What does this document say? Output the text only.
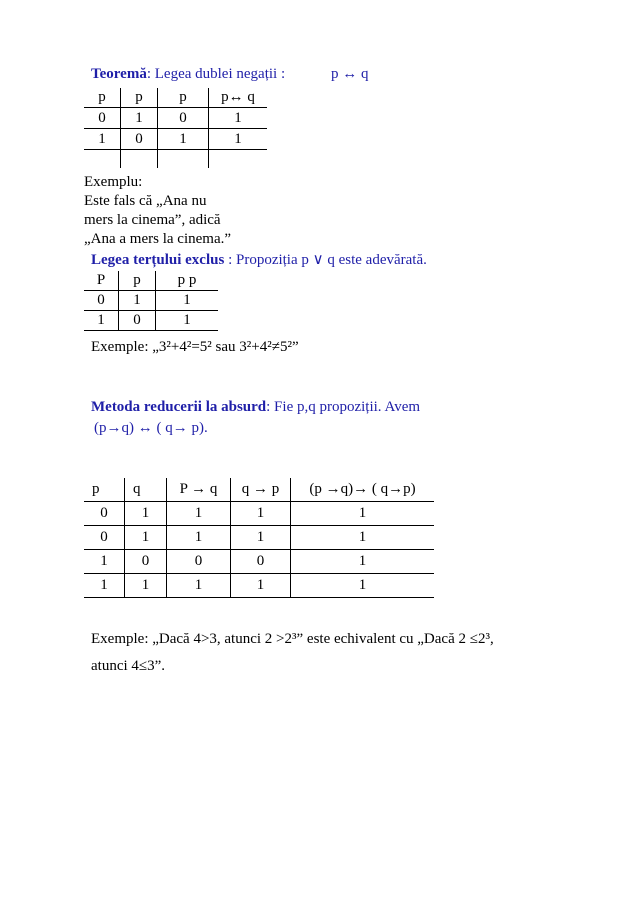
Teoremă: Legea dublei negații :	p ↔ q
p	p	p	p↔ q
0	1	0	1
1	0	1	1

Exemplu:
Este fals că „Ana nu
mers la cinema”, adică
„Ana a mers la cinema.”
Legea terțului exclus : Propoziția p ∨ q este adevărată.
P	p	p p
0	1	1
1	0	1
Exemple: „3²+4²=5² sau 3²+4²≠5²”
Metoda reducerii la absurd: Fie p,q propoziții. Avem
(p→q) ↔ ( q→ p).
p	q	P → q	q → p	(p →q)→ ( q→p)
0	1	1	1	1
0	1	1	1	1
1	0	0	0	1
1	1	1	1	1
Exemple: „Dacă 4>3, atunci 2 >2³” este echivalent cu „Dacă 2 ≤2³,
atunci 4≤3”.
